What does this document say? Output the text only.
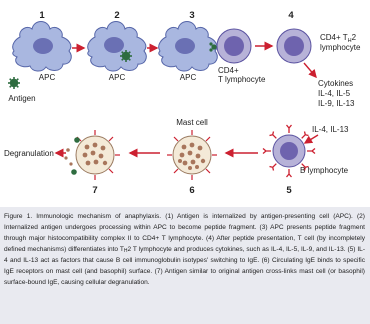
1
APC
Antigen
2
APC
3
APC
CD4+
T lymphocyte
4
$CD4+ T_H2$
lymphocyte
Cytokines
IL-4, IL-5
IL-9, IL-13
IL-4, IL-13
B lymphocyte
5
Mast cell
6
7
Degranulation

Figure 1. Immunologic mechanism of anaphylaxis. (1) Antigen is internalized by antigen-presenting cell (APC). (2) Internalized antigen undergoes processing within APC to become peptide fragment. (3) APC presents peptide fragment through major histocompatibility complex II to CD4+ T lymphocyte. (4) After peptide presentation, T cell (by incompletely defined mechanisms) differentiates into $T_H2$ T lymphocyte and produces cytokines, such as IL-4, IL-5, IL-9, and IL-13. (5) IL-4 and IL-13 act as factors that cause B cell immunoglobulin isotypes' switching to IgE. (6) Circulating IgE binds to specific IgE receptors on mast cell (and basophil) surface. (7) Antigen similar to original antigen cross-links mast cell (or basophil) surface-bound IgE, causing cellular degranulation.
